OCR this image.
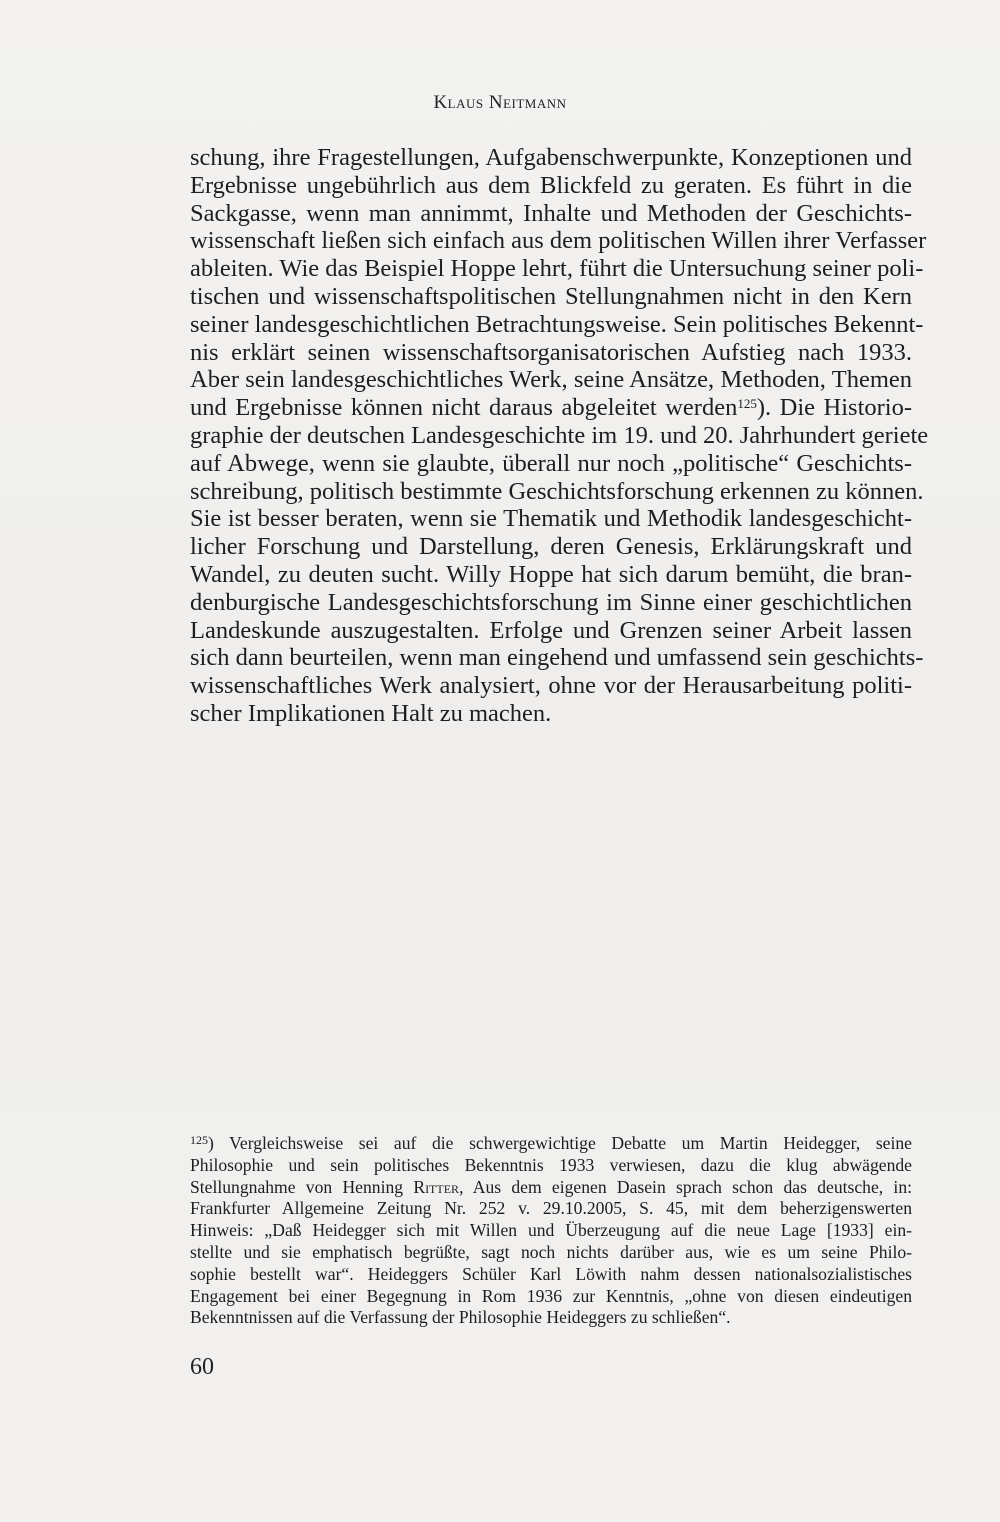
Klaus Neitmann
schung, ihre Fragestellungen, Aufgabenschwerpunkte, Konzeptionen und
Ergebnisse ungebührlich aus dem Blickfeld zu geraten. Es führt in die
Sackgasse, wenn man annimmt, Inhalte und Methoden der Geschichts-
wissenschaft ließen sich einfach aus dem politischen Willen ihrer Verfasser
ableiten. Wie das Beispiel Hoppe lehrt, führt die Untersuchung seiner poli-
tischen und wissenschaftspolitischen Stellungnahmen nicht in den Kern
seiner landesgeschichtlichen Betrachtungsweise. Sein politisches Bekennt-
nis erklärt seinen wissenschaftsorganisatorischen Aufstieg nach 1933.
Aber sein landesgeschichtliches Werk, seine Ansätze, Methoden, Themen
und Ergebnisse können nicht daraus abgeleitet werden$^{125}$). Die Historio-
graphie der deutschen Landesgeschichte im 19. und 20. Jahrhundert geriete
auf Abwege, wenn sie glaubte, überall nur noch „politische“ Geschichts-
schreibung, politisch bestimmte Geschichtsforschung erkennen zu können.
Sie ist besser beraten, wenn sie Thematik und Methodik landesgeschicht-
licher Forschung und Darstellung, deren Genesis, Erklärungskraft und
Wandel, zu deuten sucht. Willy Hoppe hat sich darum bemüht, die bran-
denburgische Landesgeschichtsforschung im Sinne einer geschichtlichen
Landeskunde auszugestalten. Erfolge und Grenzen seiner Arbeit lassen
sich dann beurteilen, wenn man eingehend und umfassend sein geschichts-
wissenschaftliches Werk analysiert, ohne vor der Herausarbeitung politi-
scher Implikationen Halt zu machen.
$^{125}$) Vergleichsweise sei auf die schwergewichtige Debatte um Martin Heidegger, seine
Philosophie und sein politisches Bekenntnis 1933 verwiesen, dazu die klug abwägende
Stellungnahme von Henning Ritter, Aus dem eigenen Dasein sprach schon das deutsche, in:
Frankfurter Allgemeine Zeitung Nr. 252 v. 29.10.2005, S. 45, mit dem beherzigenswerten
Hinweis: „Daß Heidegger sich mit Willen und Überzeugung auf die neue Lage [1933] ein-
stellte und sie emphatisch begrüßte, sagt noch nichts darüber aus, wie es um seine Philo-
sophie bestellt war“. Heideggers Schüler Karl Löwith nahm dessen nationalsozialistisches
Engagement bei einer Begegnung in Rom 1936 zur Kenntnis, „ohne von diesen eindeutigen
Bekenntnissen auf die Verfassung der Philosophie Heideggers zu schließen“.
60
